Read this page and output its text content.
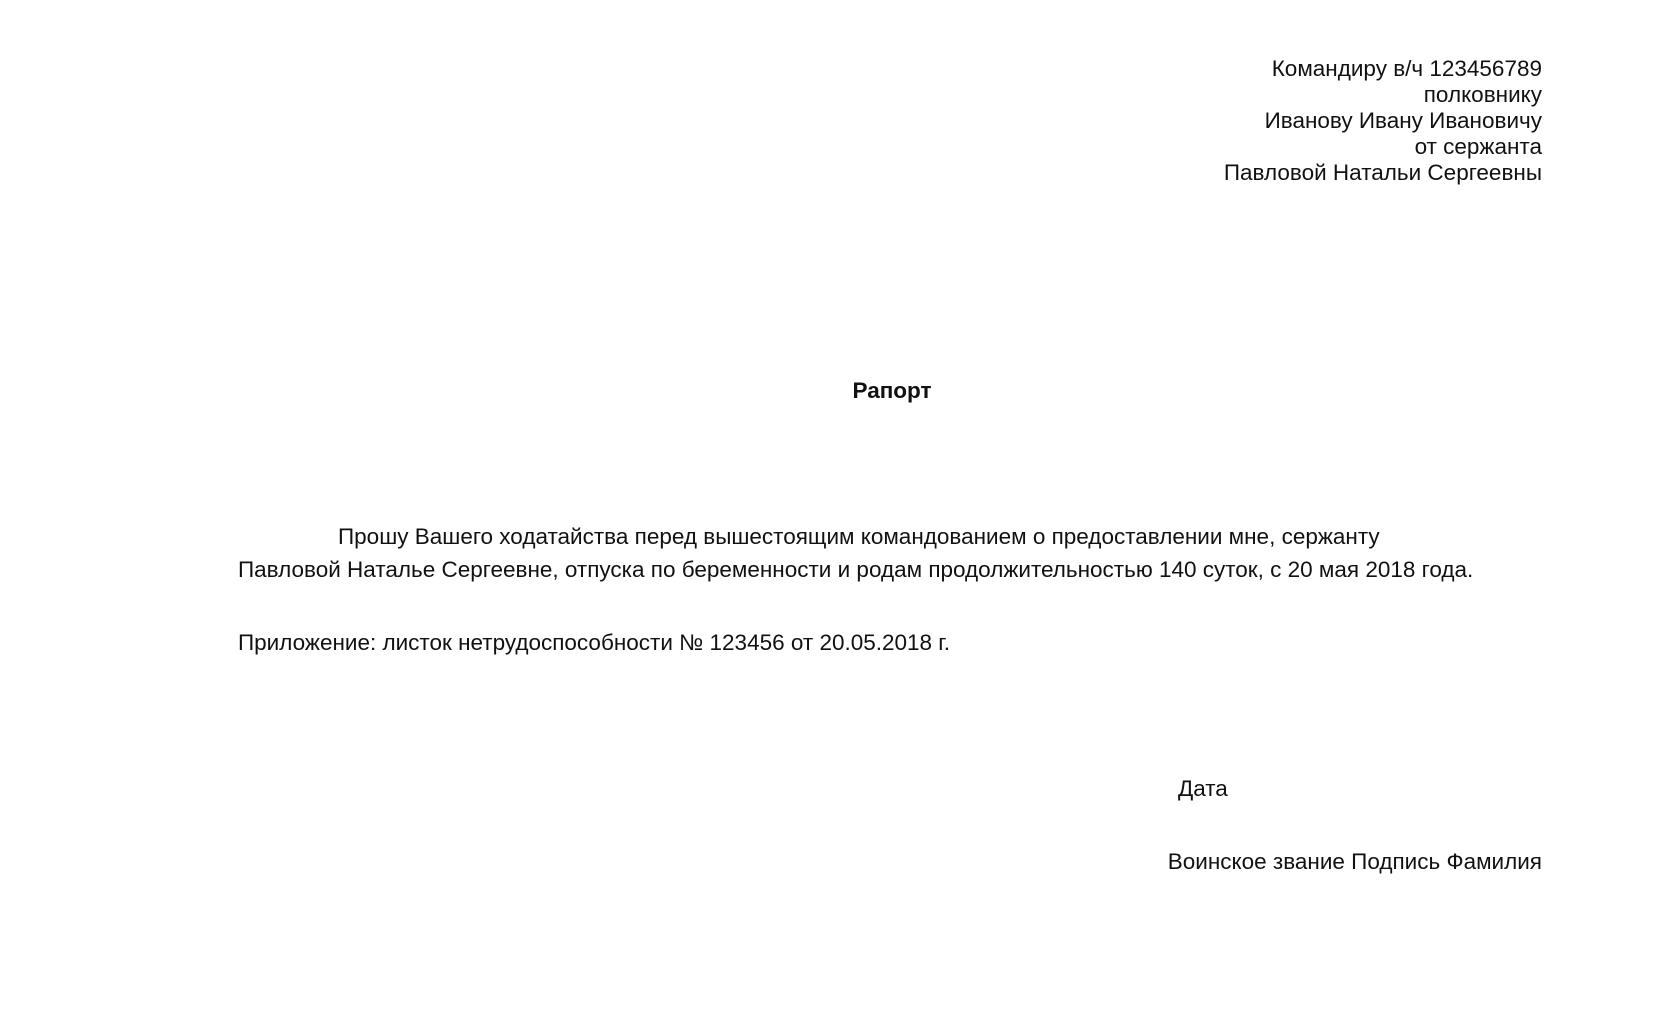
Командиру в/ч 123456789
полковнику
Иванову Ивану Ивановичу
от сержанта
Павловой Натальи Сергеевны
Рапорт
Прошу Вашего ходатайства перед вышестоящим командованием о предоставлении мне, сержанту Павловой Наталье Сергеевне, отпуска по беременности и родам продолжительностью 140 суток, с 20 мая 2018 года.
Приложение: листок нетрудоспособности № 123456 от 20.05.2018 г.
Дата
Воинское звание Подпись Фамилия
